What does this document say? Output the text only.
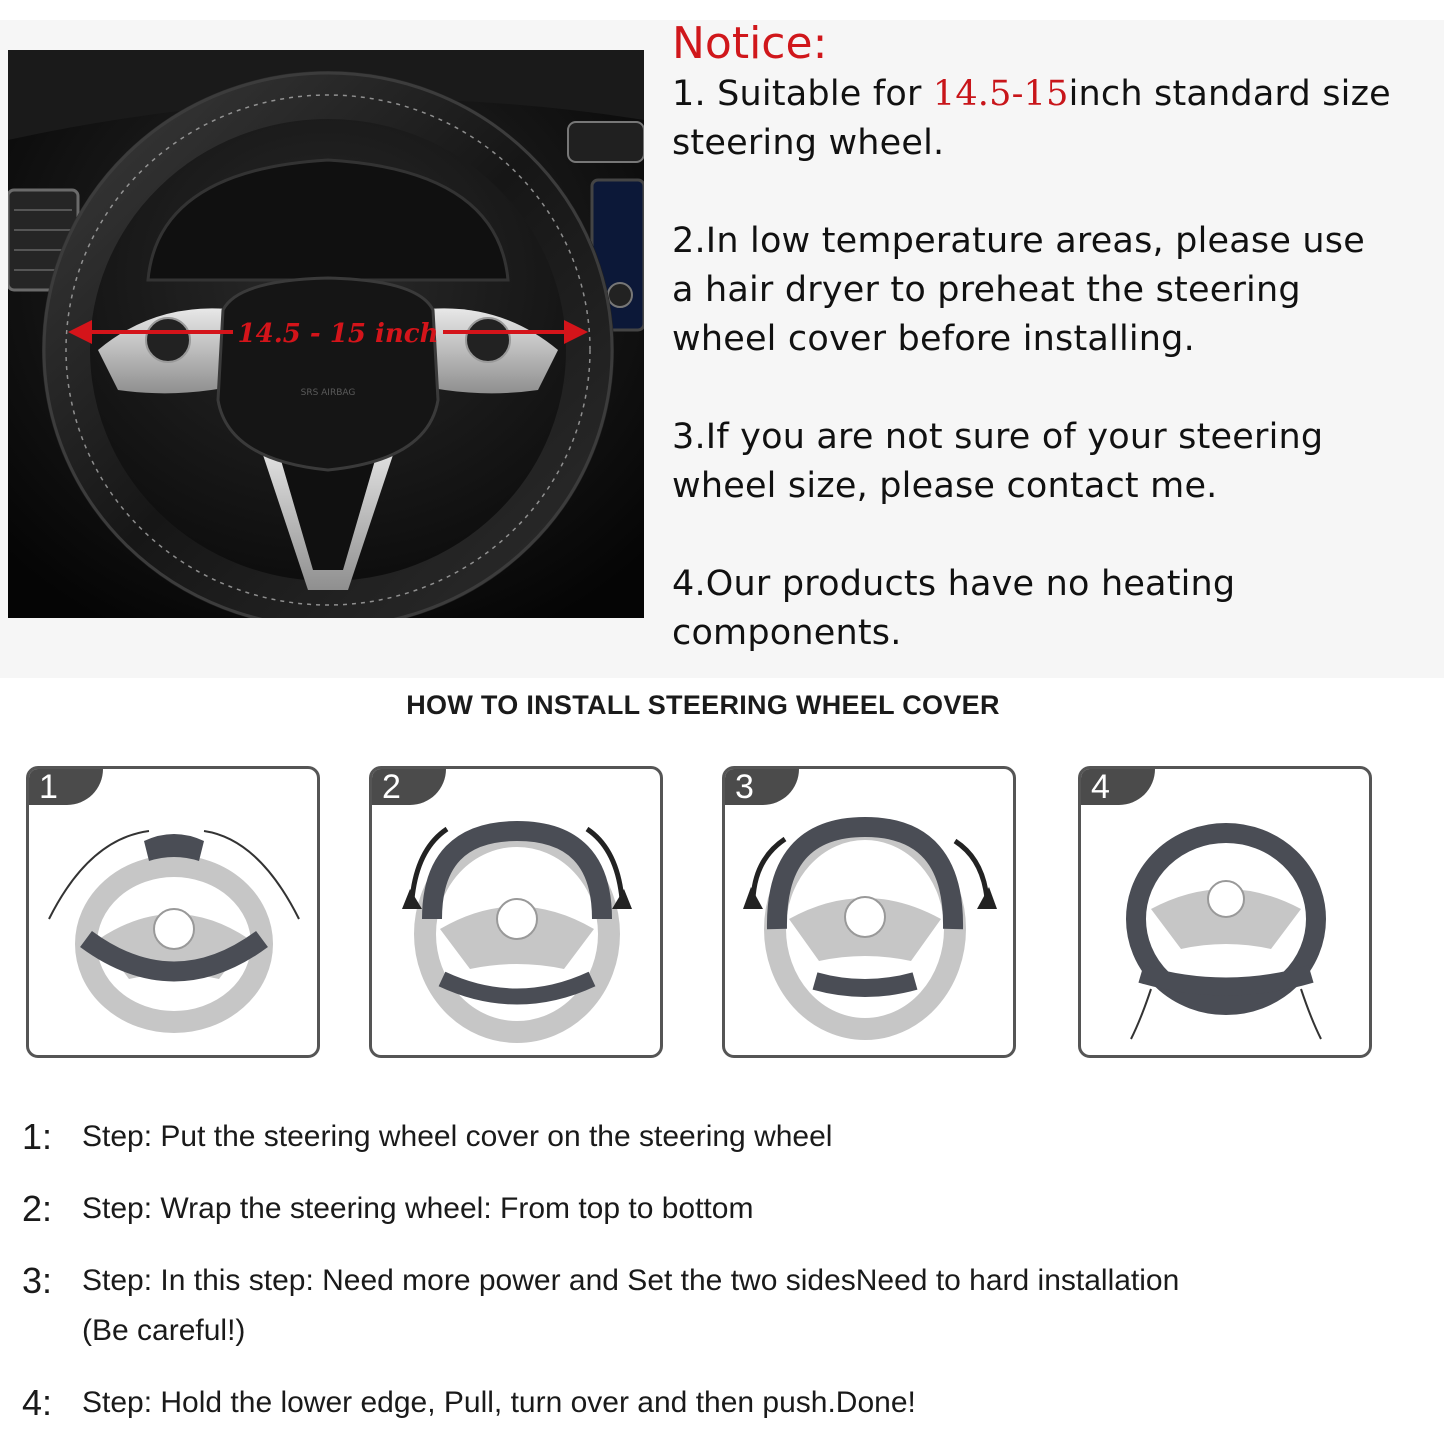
SRS AIRBAG
14.5 - 15 inch

Notice:

1. Suitable for 14.5-15inch standard size
steering wheel.

2.In low temperature areas, please use
a hair dryer to preheat the steering
wheel cover before installing.

3.If you are not sure of your steering
wheel size, please contact me.

4.Our products have no heating
components.

HOW TO INSTALL STEERING WHEEL COVER
1	2	3	4
1: Step: Put the steering wheel cover on the steering wheel
2: Step: Wrap the steering wheel: From top to bottom
3: Step: In this step: Need more power and Set the two sidesNeed to hard installation
(Be careful!)
4: Step: Hold the lower edge, Pull, turn over and then push.Done!
